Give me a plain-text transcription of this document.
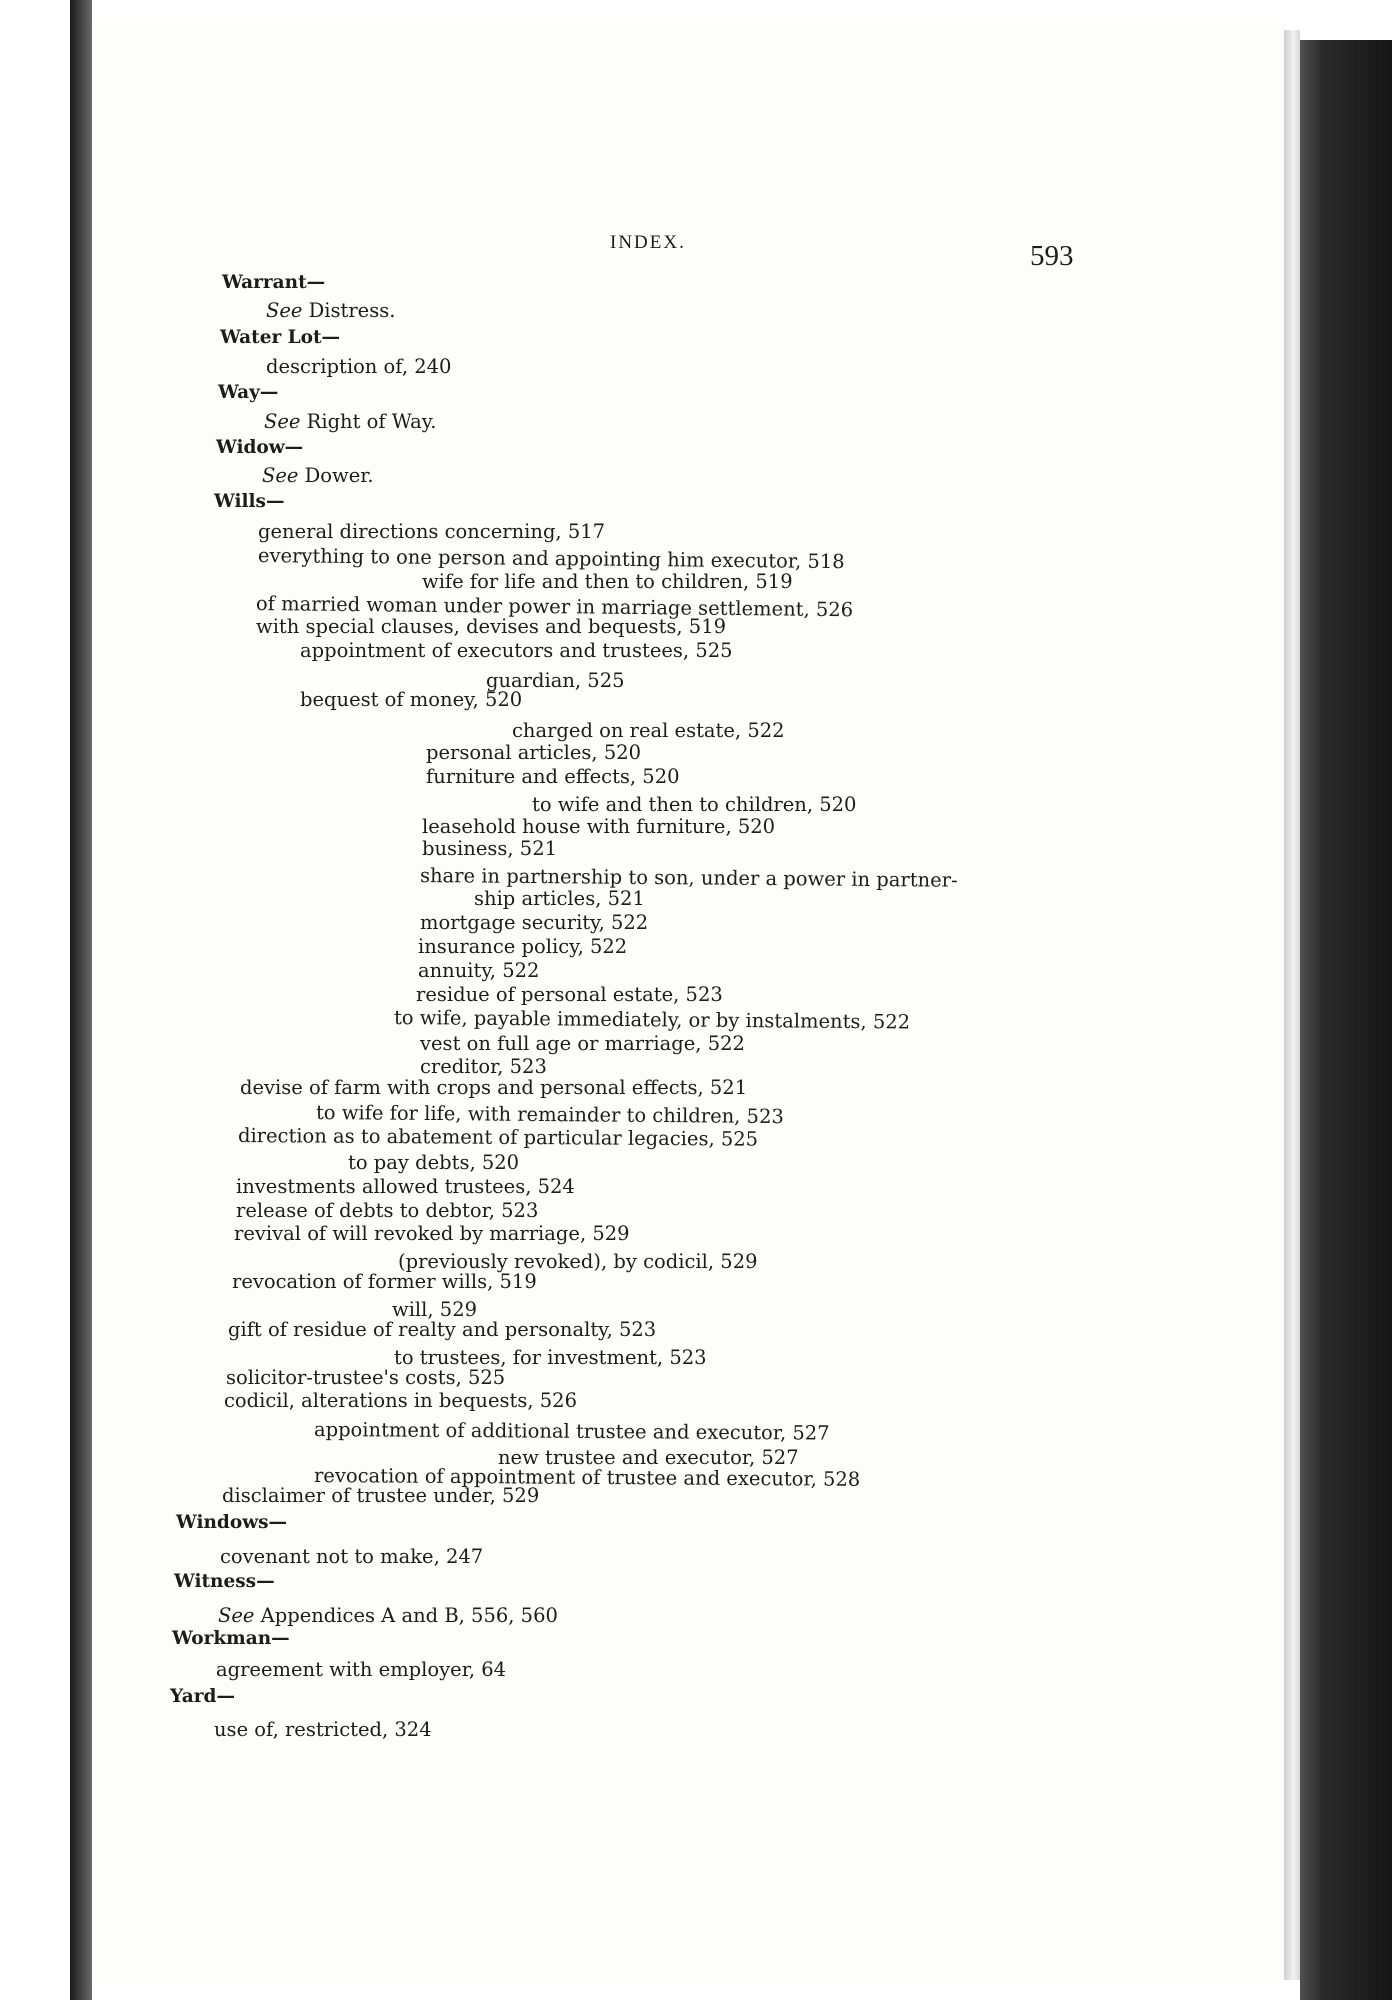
INDEX.	593
Warrant—
See Distress.
Water Lot—
description of, 240
Way—
See Right of Way.
Widow—
See Dower.
Wills—
general directions concerning, 517
everything to one person and appointing him executor, 518
wife for life and then to children, 519
of married woman under power in marriage settlement, 526
with special clauses, devises and bequests, 519
appointment of executors and trustees, 525
guardian, 525
bequest of money, 520
charged on real estate, 522
personal articles, 520
furniture and effects, 520
to wife and then to children, 520
leasehold house with furniture, 520
business, 521
share in partnership to son, under a power in partner-
ship articles, 521
mortgage security, 522
insurance policy, 522
annuity, 522
residue of personal estate, 523
to wife, payable immediately, or by instalments, 522
vest on full age or marriage, 522
creditor, 523
devise of farm with crops and personal effects, 521
to wife for life, with remainder to children, 523
direction as to abatement of particular legacies, 525
to pay debts, 520
investments allowed trustees, 524
release of debts to debtor, 523
revival of will revoked by marriage, 529
(previously revoked), by codicil, 529
revocation of former wills, 519
will, 529
gift of residue of realty and personalty, 523
to trustees, for investment, 523
solicitor-trustee's costs, 525
codicil, alterations in bequests, 526
appointment of additional trustee and executor, 527
new trustee and executor, 527
revocation of appointment of trustee and executor, 528
disclaimer of trustee under, 529
Windows—
covenant not to make, 247
Witness—
See Appendices A and B, 556, 560
Workman—
agreement with employer, 64
Yard—
use of, restricted, 324
